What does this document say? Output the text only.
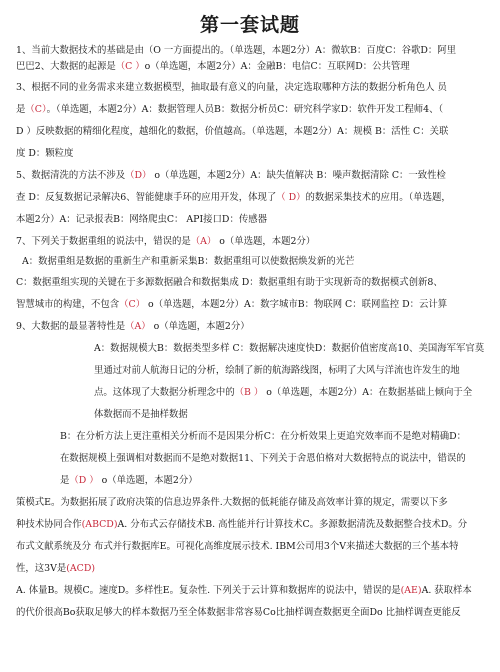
第一套试题
1、当前大数据技术的基础是由（O 一方面提出的。（单选题，本题2分）A：微软B：百度C：谷歌D：阿里
巴巴2、大数据的起源是（C ）o（单选题，本题2分）A：金融B：电信C：互联网D：公共管理
3、根据不同的业务需求来建立数据模型，抽取最有意义的向量，决定选取哪种方法的数据分析角色人 员
是（C）。（单选题，本题2分）A：数据管理人员B：数据分析员C：研究科学家D：软件开发工程师4、（
D ）反映数据的精细化程度，越细化的数据，价值越高。（单选题，本题2分）A：规模 B：活性 C：关联
度 D：颗粒度
5、数据清洗的方法不涉及（D） o（单选题，本题2分）A：缺失值解决 B：噪声数据清除 C：一致性检
查 D：反复数据记录解决6、智能健康手环的应用开发，体现了（ D）的数据采集技术的应用。（单选题，
本题2分）A：记录报表B：网络爬虫C： API接口D：传感器
7、下列关于数据重组的说法中，错误的是（A） o（单选题，本题2分）
A：数据重组是数据的重新生产和重新采集B：数据重组可以使数据焕发新的光芒
C：数据重组实现的关键在于多源数据融合和数据集成 D：数据重组有助于实现新奇的数据模式创新8、
智慧城市的构建，不包含（C） o（单选题，本题2分）A：数字城市B：物联网 C：联网监控 D：云计算
9、大数据的最显著特性是（A） o（单选题，本题2分）
A：数据规模大B：数据类型多样 C：数据解决速度快D：数据价值密度高10、美国海军军官莫
里通过对前人航海日记的分析，绘制了新的航海路线图，标明了大风与洋流也许发生的地
点。这体现了大数据分析理念中的（B ） o（单选题，本题2分）A：在数据基础上倾向于全
体数据而不是抽样数据
B：在分析方法上更注重相关分析而不是因果分析C：在分析效果上更追究效率而不是绝对精确D：
在数据规模上强调相对数据而不是绝对数据11、下列关于舍恩伯格对大数据特点的说法中，错误的
是（D ） o（单选题，本题2分）
策模式E。为数据拓展了政府决策的信息边界条件.大数据的低耗能存储及高效率计算的规定，需要以下多
种技术协同合作(ABCD)A. 分布式云存储技术B. 高性能并行计算技术C。多源数据清洗及数据整合技术D。分
布式文献系统及分 布式并行数据库E。可视化高维度展示技术. IBM公司用3个V来描述大数据的三个基本特
性，这3V是(ACD)
A. 体量B。规模C。速度D。多样性E。复杂性. 下列关于云计算和数据库的说法中，错误的是(AE)A. 获取样本
的代价很高Bo获取足够大的样本数据乃至全体数据非常容易Co比抽样调查数据更全面Do 比抽样调查更能反
